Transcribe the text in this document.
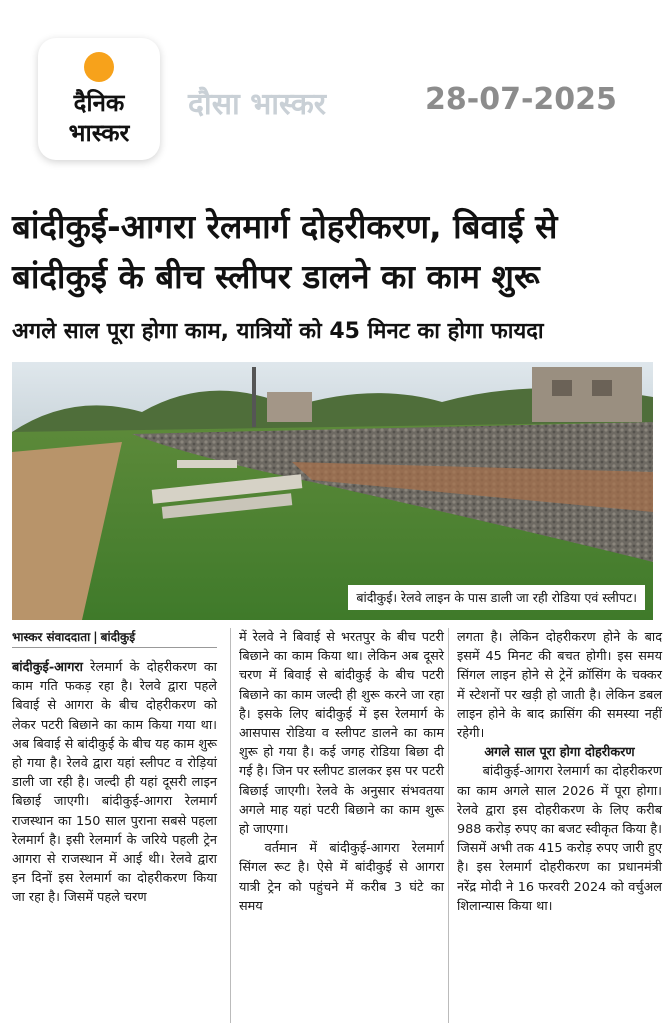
दैनिक
भास्कर
दौसा भास्कर	28-07-2025
बांदीकुई-आगरा रेलमार्ग दोहरीकरण, बिवाई से बांदीकुई के बीच स्लीपर डालने का काम शुरू
अगले साल पूरा होगा काम, यात्रियों को 45 मिनट का होगा फायदा
बांदीकुई। रेलवे लाइन के पास डाली जा रही रोडिया एवं स्लीपट।
भास्कर संवाददाता | बांदीकुई

बांदीकुई-आगरा रेलमार्ग के दोहरीकरण का काम गति फकड़ रहा है। रेलवे द्वारा पहले बिवाई से आगरा के बीच दोहरीकरण को लेकर पटरी बिछाने का काम किया गया था। अब बिवाई से बांदीकुई के बीच यह काम शुरू हो गया है। रेलवे द्वारा यहां स्लीपट व रोड़ियां डाली जा रही है। जल्दी ही यहां दूसरी लाइन बिछाई जाएगी। बांदीकुई-आगरा रेलमार्ग राजस्थान का 150 साल पुराना सबसे पहला रेलमार्ग है। इसी रेलमार्ग के जरिये पहली ट्रेन आगरा से राजस्थान में आई थी। रेलवे द्वारा इन दिनों इस रेलमार्ग का दोहरीकरण किया जा रहा है। जिसमें पहले चरण

में रेलवे ने बिवाई से भरतपुर के बीच पटरी बिछाने का काम किया था। लेकिन अब दूसरे चरण में बिवाई से बांदीकुई के बीच पटरी बिछाने का काम जल्दी ही शुरू करने जा रहा है। इसके लिए बांदीकुई में इस रेलमार्ग के आसपास रोडिया व स्लीपट डालने का काम शुरू हो गया है। कई जगह रोडिया बिछा दी गई है। जिन पर स्लीपट डालकर इस पर पटरी बिछाई जाएगी। रेलवे के अनुसार संभवतया अगले माह यहां पटरी बिछाने का काम शुरू हो जाएगा।

वर्तमान में बांदीकुई-आगरा रेलमार्ग सिंगल रूट है। ऐसे में बांदीकुई से आगरा यात्री ट्रेन को पहुंचने में करीब 3 घंटे का समय

लगता है। लेकिन दोहरीकरण होने के बाद इसमें 45 मिनट की बचत होगी। इस समय सिंगल लाइन होने से ट्रेनें क्रॉसिंग के चक्कर में स्टेशनों पर खड़ी हो जाती है। लेकिन डबल लाइन होने के बाद क्रासिंग की समस्या नहीं रहेगी।

अगले साल पूरा होगा दोहरीकरण

बांदीकुई-आगरा रेलमार्ग का दोहरीकरण का काम अगले साल 2026 में पूरा होगा। रेलवे द्वारा इस दोहरीकरण के लिए करीब 988 करोड़ रुपए का बजट स्वीकृत किया है। जिसमें अभी तक 415 करोड़ रुपए जारी हुए है। इस रेलमार्ग दोहरीकरण का प्रधानमंत्री नरेंद्र मोदी ने 16 फरवरी 2024 को वर्चुअल शिलान्यास किया था।
